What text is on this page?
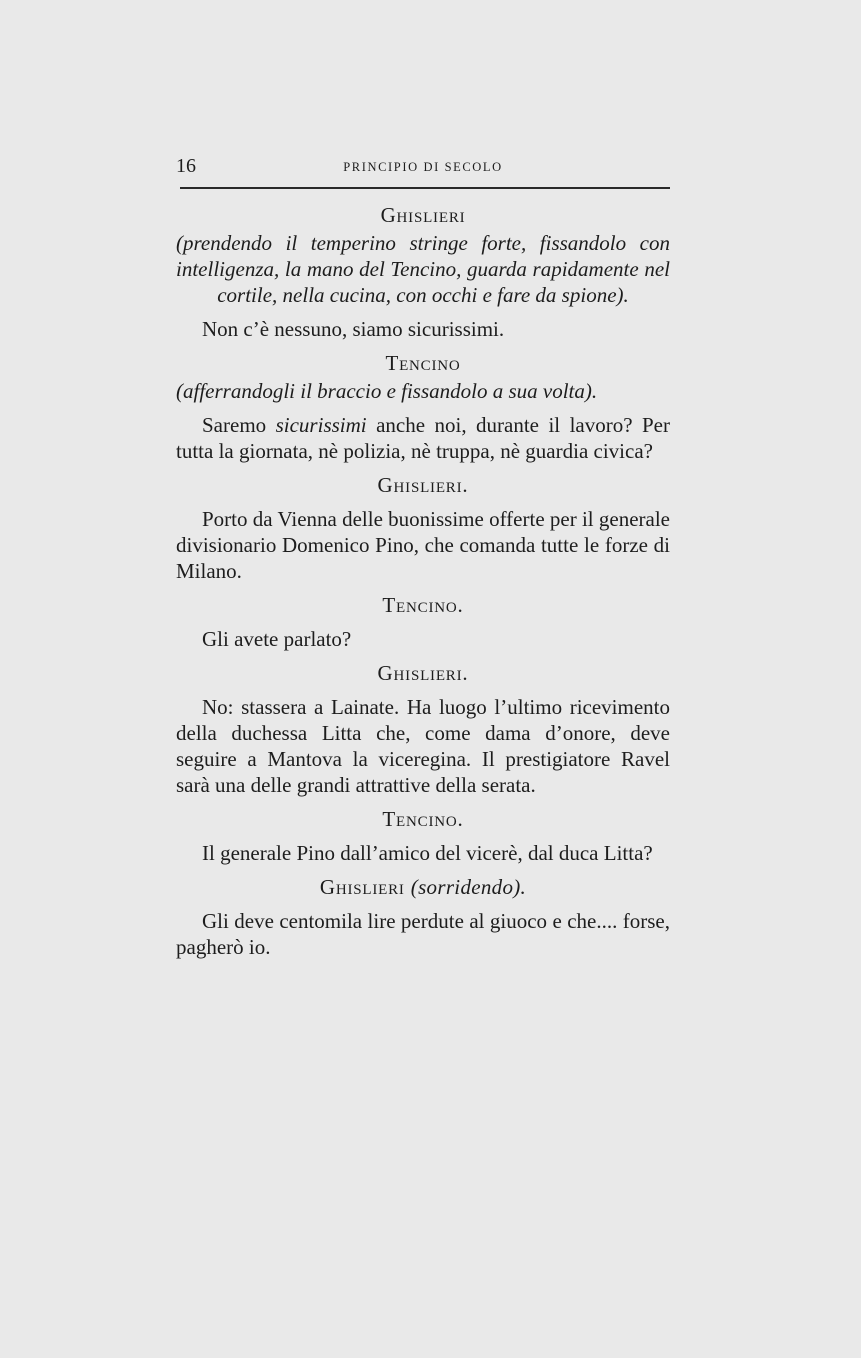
16	PRINCIPIO DI SECOLO
Ghislieri
(prendendo il temperino stringe forte, fissandolo con intelligenza, la mano del Tencino, guarda rapidamente nel cortile, nella cucina, con occhi e fare da spione).

Non c’è nessuno, siamo sicurissimi.

Tencino
(afferrandogli il braccio e fissandolo a sua volta).

Saremo sicurissimi anche noi, durante il lavoro? Per tutta la giornata, nè polizia, nè truppa, nè guardia civica?

Ghislieri.

Porto da Vienna delle buonissime offerte per il generale divisionario Domenico Pino, che comanda tutte le forze di Milano.

Tencino.

Gli avete parlato?

Ghislieri.

No: stassera a Lainate. Ha luogo l’ultimo ricevimento della duchessa Litta che, come dama d’onore, deve seguire a Mantova la viceregina. Il prestigiatore Ravel sarà una delle grandi attrattive della serata.

Tencino.

Il generale Pino dall’amico del vicerè, dal duca Litta?

Ghislieri (sorridendo).

Gli deve centomila lire perdute al giuoco e che.... forse, pagherò io.
